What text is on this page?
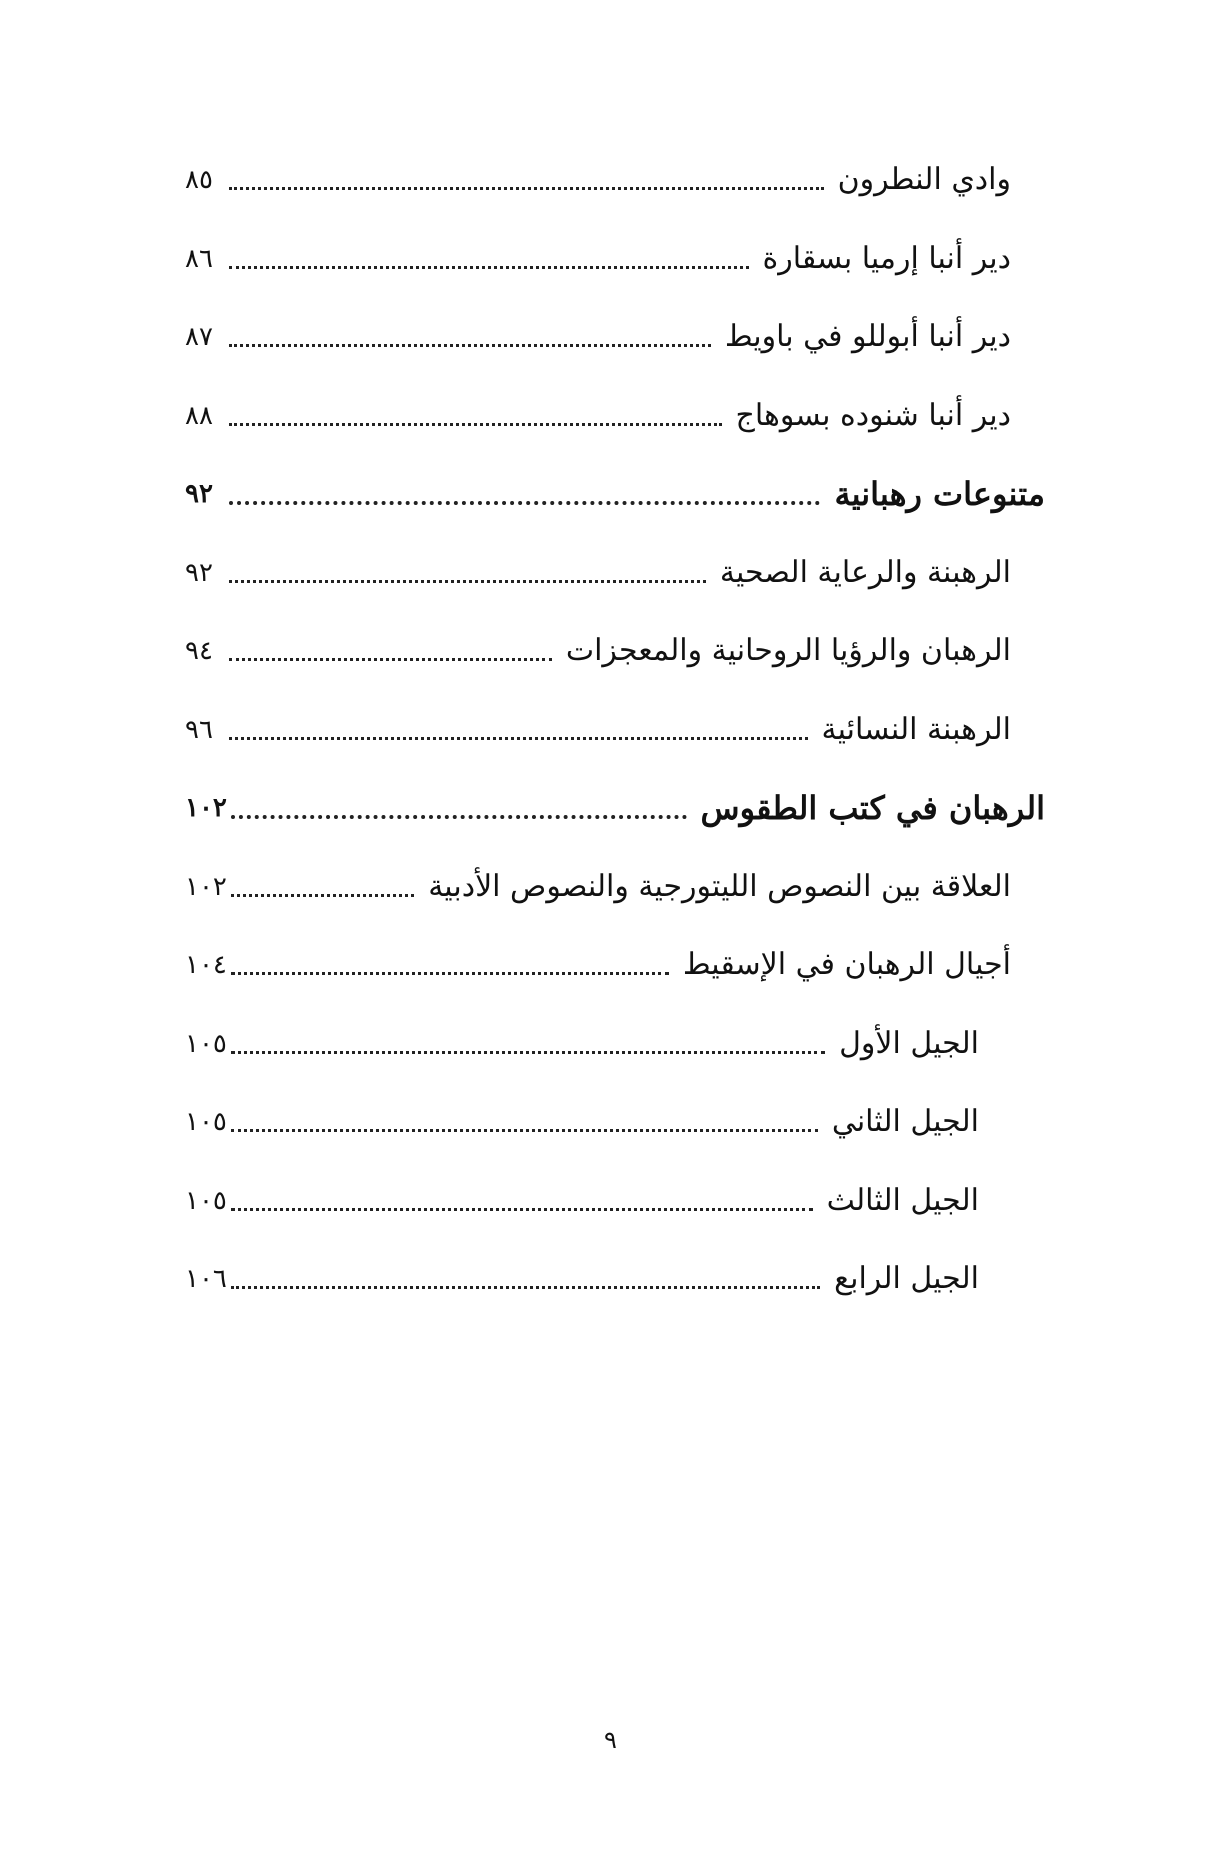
وادي النطرون
٨٥
دير أنبا إرميا بسقارة
٨٦
دير أنبا أبوللو في باويط
٨٧
دير أنبا شنوده بسوهاج
٨٨
متنوعات رهبانية
٩٢
الرهبنة والرعاية الصحية
٩٢
الرهبان والرؤيا الروحانية والمعجزات
٩٤
الرهبنة النسائية
٩٦
الرهبان في كتب الطقوس
١٠٢
العلاقة بين النصوص الليتورجية والنصوص الأدبية
١٠٢
أجيال الرهبان في الإسقيط
١٠٤
الجيل الأول
١٠٥
الجيل الثاني
١٠٥
الجيل الثالث
١٠٥
الجيل الرابع
١٠٦
٩
